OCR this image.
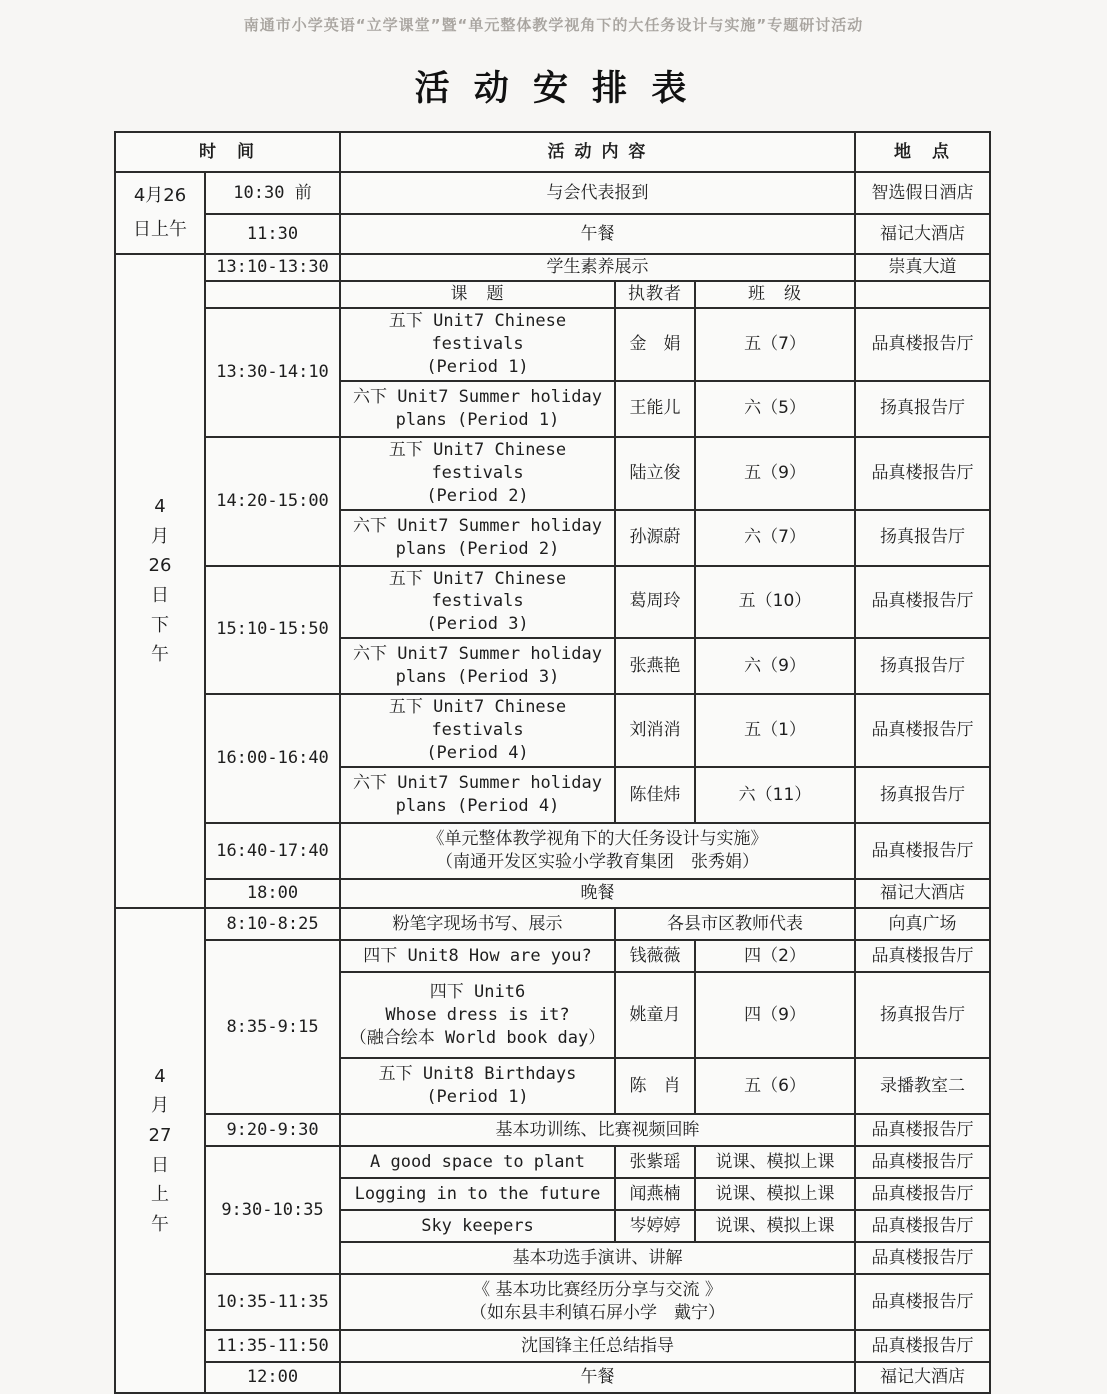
南通市小学英语“立学课堂”暨“单元整体教学视角下的大任务设计与实施”专题研讨活动
活 动 安 排 表
时　间		活 动 内 容			地　点

4月26
日上午	10:30 前	与会代表报到			智选假日酒店
	11:30	午餐			福记大酒店

4
月
26
日
下
午
	13:10-13:30	学生素养展示	崇真大道
		课　题	执教者	班　级	
	13:30-14:10	五下 Unit7 Chinese festivals
(Period 1)	金　娟	五（7）	品真楼报告厅

		六下 Unit7 Summer holiday
plans (Period 1)	王能儿	六（5）	扬真报告厅
	14:20-15:00	五下 Unit7 Chinese festivals
(Period 2)	陆立俊	五（9）	品真楼报告厅

		六下 Unit7 Summer holiday
plans (Period 2)	孙源蔚	六（7）	扬真报告厅
	15:10-15:50	五下 Unit7 Chinese festivals
(Period 3)	葛周玲	五（10）	品真楼报告厅

		六下 Unit7 Summer holiday
plans (Period 3)	张燕艳	六（9）	扬真报告厅
	16:00-16:40	五下 Unit7 Chinese festivals
(Period 4)	刘消消	五（1）	品真楼报告厅

		六下 Unit7 Summer holiday
plans (Period 4)	陈佳炜	六（11）	扬真报告厅
	16:40-17:40	《单元整体教学视角下的大任务设计与实施》
（南通开发区实验小学教育集团　张秀娟）			品真楼报告厅
	18:00	晚餐			福记大酒店

4
月
27
日
上
午
	8:10-8:25	粉笔字现场书写、展示	各县市区教师代表	向真广场
	8:35-9:15	四下 Unit8 How are you?	钱薇薇	四（2）	品真楼报告厅

		四下 Unit6
Whose dress is it?
（融合绘本 World book day）	姚童月	四（9）	扬真报告厅

		五下 Unit8 Birthdays
(Period 1)	陈　肖	五（6）	录播教室二
	9:20-9:30	基本功训练、比赛视频回眸			品真楼报告厅
	9:30-10:35	A good space to plant	张紫瑶	说课、模拟上课	品真楼报告厅
		Logging in to the future	闻燕楠	说课、模拟上课	品真楼报告厅
		Sky keepers	岑婷婷	说课、模拟上课	品真楼报告厅
		基本功选手演讲、讲解			品真楼报告厅
	10:35-11:35	《 基本功比赛经历分享与交流 》
（如东县丰利镇石屏小学　戴宁）			品真楼报告厅
	11:35-11:50	沈国锋主任总结指导			品真楼报告厅
	12:00	午餐			福记大酒店
